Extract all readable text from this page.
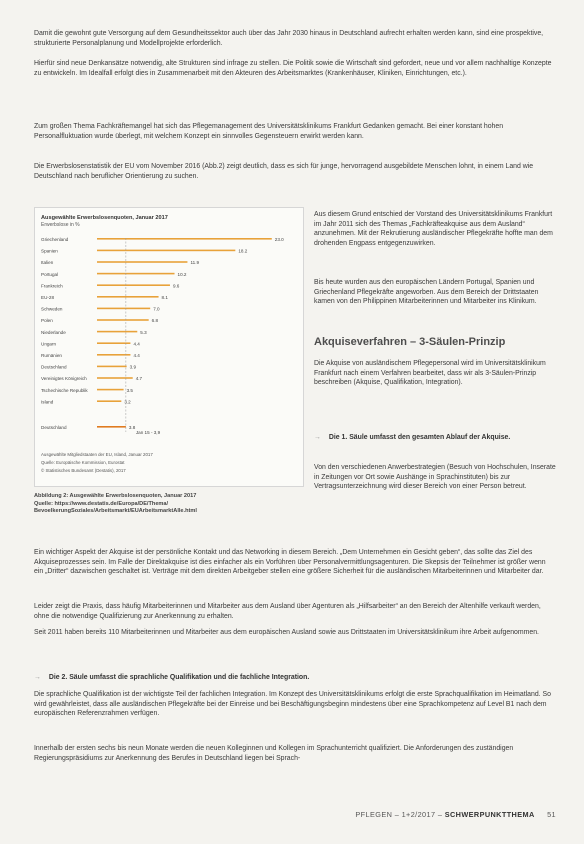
Damit die gewohnt gute Versorgung auf dem Gesundheitssektor auch über das Jahr 2030 hinaus in Deutschland aufrecht erhalten werden kann, sind eine prospektive, strukturierte Personalplanung und Modellprojekte erforderlich.

Hierfür sind neue Denkansätze notwendig, alte Strukturen sind infrage zu stellen. Die Politik sowie die Wirtschaft sind gefordert, neue und vor allem nachhaltige Konzepte zu entwickeln. Im Idealfall erfolgt dies in Zusammenarbeit mit den Akteuren des Arbeitsmarktes (Krankenhäuser, Kliniken, Einrichtungen, etc.).

Zum großen Thema Fachkräftemangel hat sich das Pflegemanagement des Universitätsklinikums Frankfurt Gedanken gemacht. Bei einer konstant hohen Personalfluktuation wurde überlegt, mit welchem Konzept ein sinnvolles Gegensteuern erwirkt werden kann.

Die Erwerbslosenstatistik der EU vom November 2016 (Abb.2) zeigt deutlich, dass es sich für junge, hervorragend ausgebildete Menschen lohnt, in einem Land wie Deutschland nach beruflicher Orientierung zu suchen.

Ausgewählte Erwerbslosenquoten, Januar 2017
Erwerbslose in %
Griechenland	23.0
Spanien	18.2
Italien	11.9
Portugal	10.2
Frankreich	9.6
EU-28	8.1
Schweden	7.0
Polen	6.8
Niederlande	5.3
Ungarn	4.4
Rumänien	4.4
Deutschland	3.9
Vereinigtes Königreich	4.7
Tschechische Republik	3.5
Island	3.2
Deutschland	3.8
Jan 15 - 3,9
Ausgewählte Mitgliedstaaten der EU, Island, Januar 2017
Quelle: Europäische Kommission, Eurostat
© Statistisches Bundesamt (Destatis), 2017
Abbildung 2: Ausgewählte Erwerbslosenquoten, Januar 2017
Quelle: https://www.destatis.de/Europa/DE/Thema/
BevoelkerungSoziales/Arbeitsmarkt/EUArbeitsmarktAlle.html

Aus diesem Grund entschied der Vorstand des Universitätsklinikums Frankfurt im Jahr 2011 sich des Themas „Fachkräfteakquise aus dem Ausland“ anzunehmen. Mit der Rekrutierung ausländischer Pflegekräfte hoffte man dem drohenden Engpass entgegenzuwirken.

Bis heute wurden aus den europäischen Ländern Portugal, Spanien und Griechenland Pflegekräfte angeworben. Aus dem Bereich der Drittstaaten kamen von den Philippinen Mitarbeiterinnen und Mitarbeiter ins Klinikum.

Akquiseverfahren – 3-Säulen-Prinzip

Die Akquise von ausländischem Pflegepersonal wird im Universitätsklinikum Frankfurt nach einem Verfahren bearbeitet, dass wir als 3-Säulen-Prinzip beschreiben (Akquise, Qualifikation, Integration).

→ Die 1. Säule umfasst den gesamten Ablauf der Akquise.

Von den verschiedenen Anwerbestrategien (Besuch von Hochschulen, Inserate in Zeitungen vor Ort sowie Aushänge in Sprachinstituten) bis zur Vertragsunterzeichnung wird dieser Bereich von einer Person betreut.

Ein wichtiger Aspekt der Akquise ist der persönliche Kontakt und das Networking in diesem Bereich. „Dem Unternehmen ein Gesicht geben“, das sollte das Ziel des Akquiseprozesses sein. Im Falle der Direktakquise ist dies einfacher als ein Vorführen über Personalvermittlungsagenturen. Die Skepsis der Teilnehmer ist größer wenn ein „Dritter“ dazwischen geschaltet ist. Verträge mit dem direkten Arbeitgeber stellen eine größere Sicherheit für die ausländischen Mitarbeiterinnen und Mitarbeiter dar.

Leider zeigt die Praxis, dass häufig Mitarbeiterinnen und Mitarbeiter aus dem Ausland über Agenturen als „Hilfsarbeiter“ an den Bereich der Altenhilfe verkauft werden, ohne die notwendige Qualifizierung zur Anerkennung zu erhalten.

Seit 2011 haben bereits 110 Mitarbeiterinnen und Mitarbeiter aus dem europäischen Ausland sowie aus Drittstaaten im Universitätsklinikum ihre Arbeit aufgenommen.

→ Die 2. Säule umfasst die sprachliche Qualifikation und die fachliche Integration.

Die sprachliche Qualifikation ist der wichtigste Teil der fachlichen Integration. Im Konzept des Universitätsklinikums erfolgt die erste Sprachqualifikation im Heimatland. So wird gewährleistet, dass alle ausländischen Pflegekräfte bei der Einreise und bei Beschäftigungsbeginn mindestens über eine Sprachkompetenz auf Level B1 nach dem europäischen Referenzrahmen verfügen.

Innerhalb der ersten sechs bis neun Monate werden die neuen Kolleginnen und Kollegen im Sprachunterricht qualifiziert. Die Anforderungen des zuständigen Regierungspräsidiums zur Anerkennung des Berufes in Deutschland liegen bei Sprach-

PFLEGEN – 1+2/2017 – SCHWERPUNKTTHEMA 51
